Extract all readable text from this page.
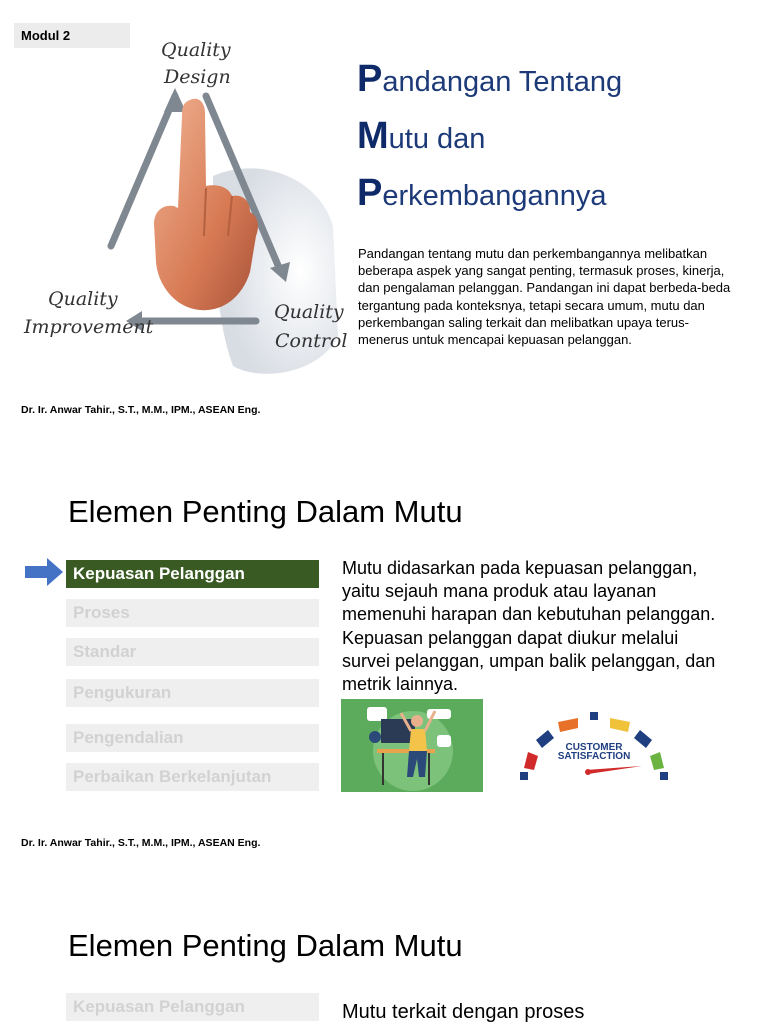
Modul 2
Quality
Design
Quality
Improvement
Quality
Control
Pandangan Tentang
Mutu dan
Perkembangannya
Pandangan tentang mutu dan perkembangannya melibatkan beberapa aspek yang sangat penting, termasuk proses, kinerja, dan pengalaman pelanggan. Pandangan ini dapat berbeda-beda tergantung pada konteksnya, tetapi secara umum, mutu dan perkembangan saling terkait dan melibatkan upaya terus-menerus untuk mencapai kepuasan pelanggan.
Dr. Ir. Anwar Tahir., S.T., M.M., IPM., ASEAN Eng.
Elemen Penting Dalam Mutu
Kepuasan Pelanggan
Proses
Standar
Pengukuran
Pengendalian
Perbaikan Berkelanjutan
Mutu didasarkan pada kepuasan pelanggan, yaitu sejauh mana produk atau layanan memenuhi harapan dan kebutuhan pelanggan. Kepuasan pelanggan dapat diukur melalui survei pelanggan, umpan balik pelanggan, dan metrik lainnya.
CUSTOMER
SATISFACTION
Dr. Ir. Anwar Tahir., S.T., M.M., IPM., ASEAN Eng.
Elemen Penting Dalam Mutu
Kepuasan Pelanggan	Mutu terkait dengan proses
